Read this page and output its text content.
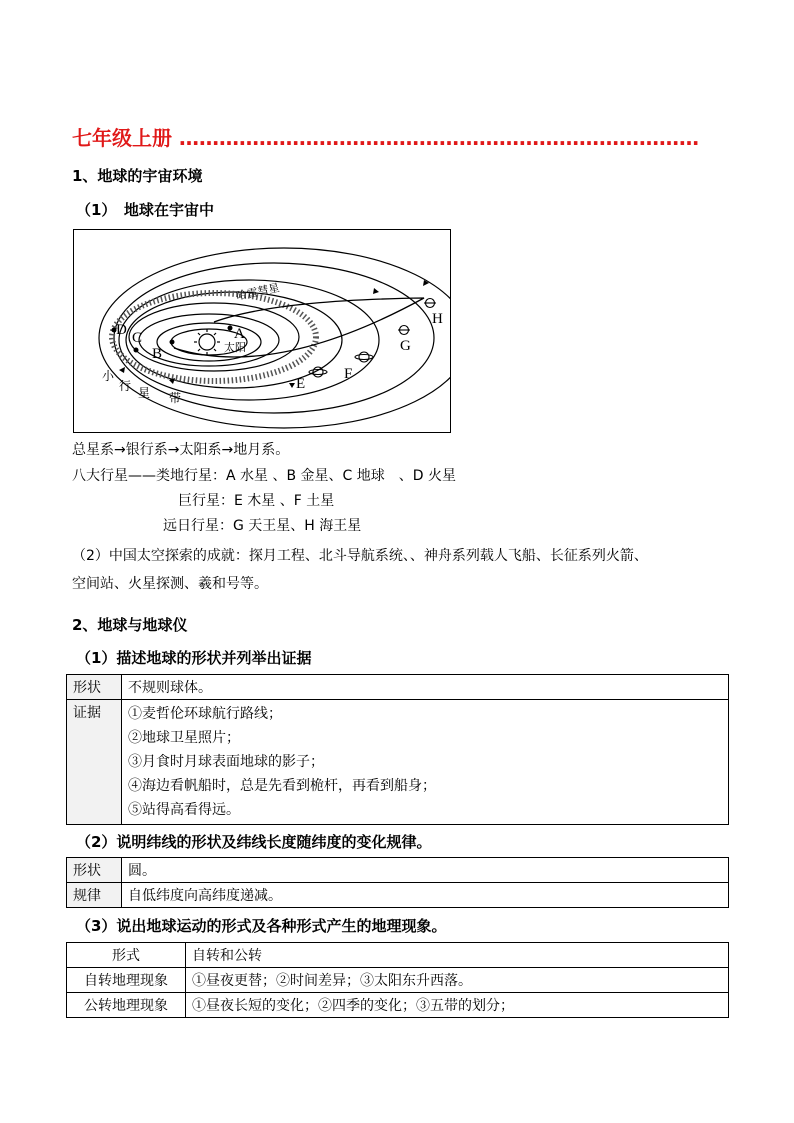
七年级上册 ……………………………………………………………………
1、地球的宇宙环境
（1）　地球在宇宙中
A
B
C
D
E
F
G
H
哈雷彗星
太阳
小
行 星 带
总星系→银行系→太阳系→地月系。
八大行星——类地行星：A 水星 、B 金星、C 地球　、D 火星
巨行星：E 木星 、F 土星
远日行星：G 天王星、H 海王星
（2）中国太空探索的成就：探月工程、北斗导航系统、、神舟系列载人飞船、长征系列火箭、
空间站、火星探测、羲和号等。
2、地球与地球仪
（1）描述地球的形状并列举出证据
形状	不规则球体。
证据	①麦哲伦环球航行路线；
②地球卫星照片；
③月食时月球表面地球的影子；
④海边看帆船时，总是先看到桅杆，再看到船身；
⑤站得高看得远。
（2）说明纬线的形状及纬线长度随纬度的变化规律。
形状	圆。
规律	自低纬度向高纬度递减。
（3）说出地球运动的形式及各种形式产生的地理现象。
形式	自转和公转
自转地理现象	①昼夜更替；②时间差异；③太阳东升西落。
公转地理现象	①昼夜长短的变化；②四季的变化；③五带的划分；
